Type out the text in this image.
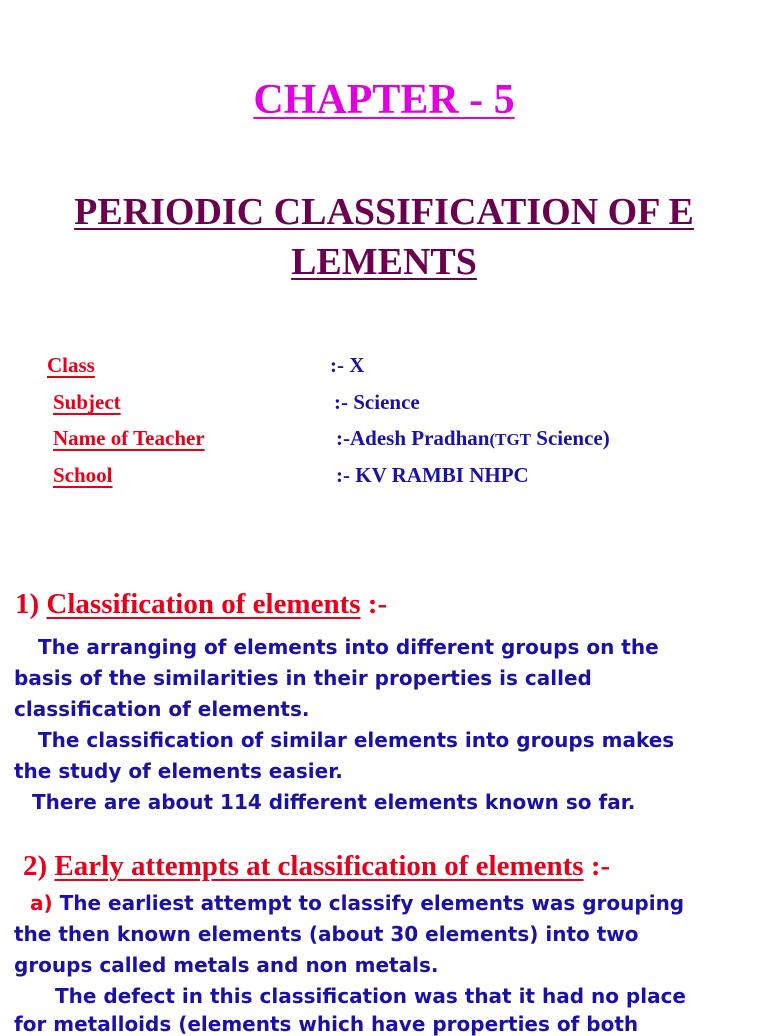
CHAPTER - 5
PERIODIC CLASSIFICATION OF E
LEMENTS
Class	:- X
Subject	:- Science
Name of Teacher	:-Adesh Pradhan(TGT Science)
School	:- KV RAMBI NHPC
1) Classification of elements :-
The arranging of elements into different groups on the
basis of the similarities in their properties is called
classification of elements.
The classification of similar elements into groups makes
the study of elements easier.
There are about 114 different elements known so far.
2) Early attempts at classification of elements :-
a) The earliest attempt to classify elements was grouping
the then known elements (about 30 elements) into two
groups called metals and non metals.
The defect in this classification was that it had no place
for metalloids (elements which have properties of both
